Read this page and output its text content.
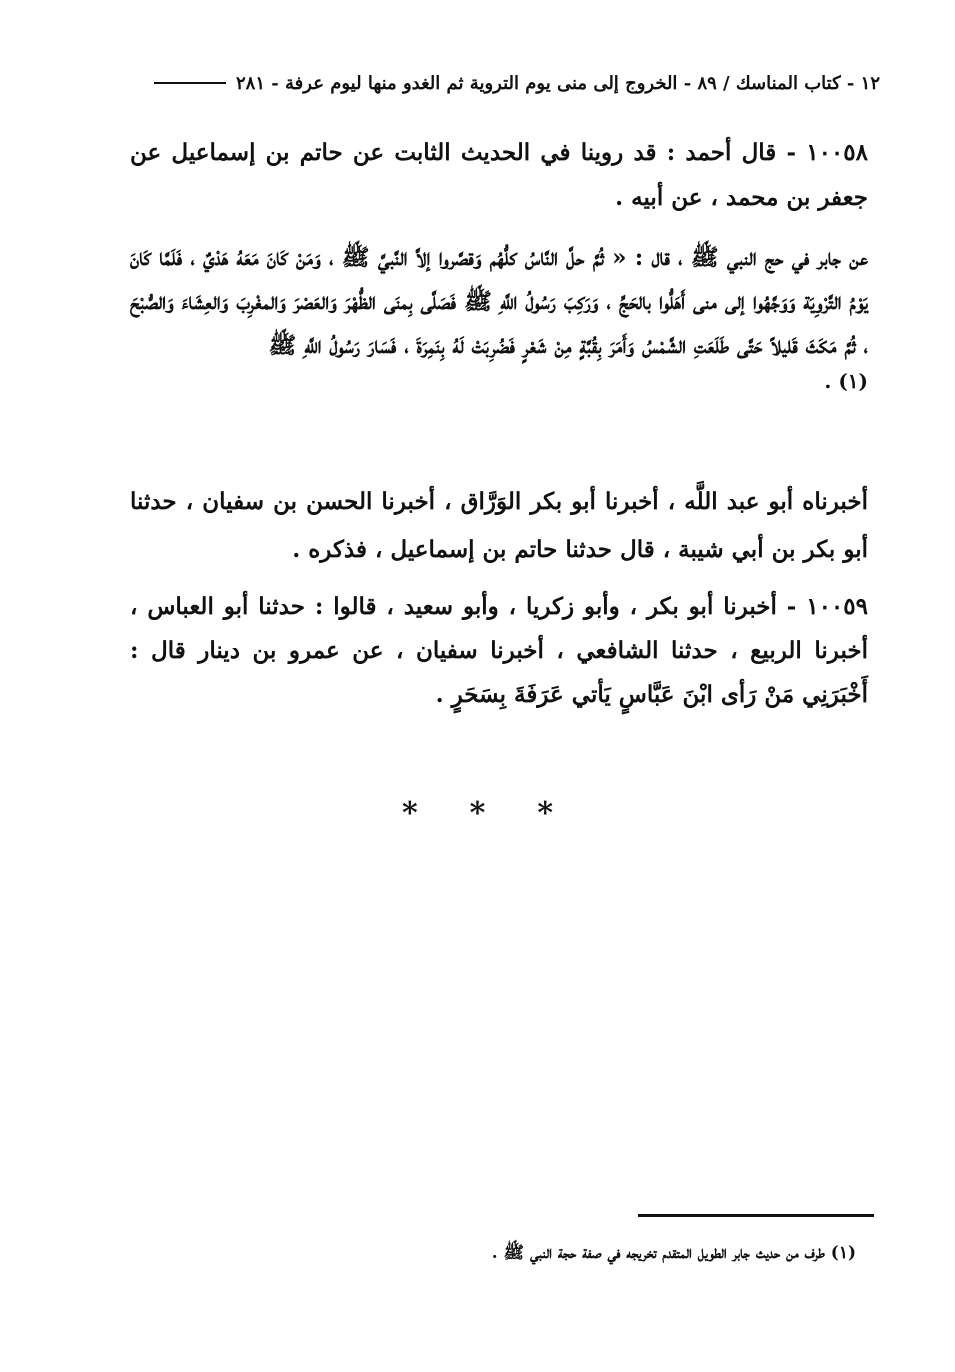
١٢ - كتاب المناسك / ٨٩ - الخروج إلى منى يوم التروية ثم الغدو منها ليوم عرفة - ٢٨١

١٠٠٥٨ - قال أحمد : قد روينا في الحديث الثابت عن حاتم بن إسماعيل عن جعفر بن محمد ، عن أبيه .

عن جابر في حج النبي ﷺ ، قال : « ثُمَّ حلَّ النَّاسُ كلُّهُم وَقصَّروا إلاَّ النَّبيَّ ﷺ ، وَمَنْ كَانَ مَعَهُ هَدْيٌ ، فَلَمَّا كَانَ يَوْمُ التَّرْوِيَة وَوَجَّهُوا إلى منى أَهَلُّوا بالحَجِّ ، وَرَكِبَ رَسُولُ اللَّهِ ﷺ فَصَلَّى بِمنَى الظُّهْرَ وَالعَصْرَ وَالمغْرِبَ وَالعِشَاءَ وَالصُّبْحَ ، ثُمَّ مَكَثَ قَليلاً حَتَّى طَلَعَتِ الشَّمْسُ وَأَمَرَ بِقُبَّةٍ مِنْ شَعْرٍ فَضُرِبَتْ لَهُ بِنَمِرَةَ ، فَسَارَ رَسُولُ اللَّهِ ﷺ

(١) .

أخبرناه أبو عبد اللَّه ، أخبرنا أبو بكر الوَرَّاق ، أخبرنا الحسن بن سفيان ، حدثنا أبو بكر بن أبي شيبة ، قال حدثنا حاتم بن إسماعيل ، فذكره .

١٠٠٥٩ - أخبرنا أبو بكر ، وأبو زكريا ، وأبو سعيد ، قالوا : حدثنا أبو العباس ، أخبرنا الربيع ، حدثنا الشافعي ، أخبرنا سفيان ، عن عمرو بن دينار قال : أَخْبَرَنِي مَنْ رَأى ابْنَ عَبَّاسٍ يَأتي عَرَفَةَ بِسَحَرٍ .

*
*
*
(١) طرف من حديث جابر الطويل المتقدم تخريجه في صفة حجة النبي ﷺ .
